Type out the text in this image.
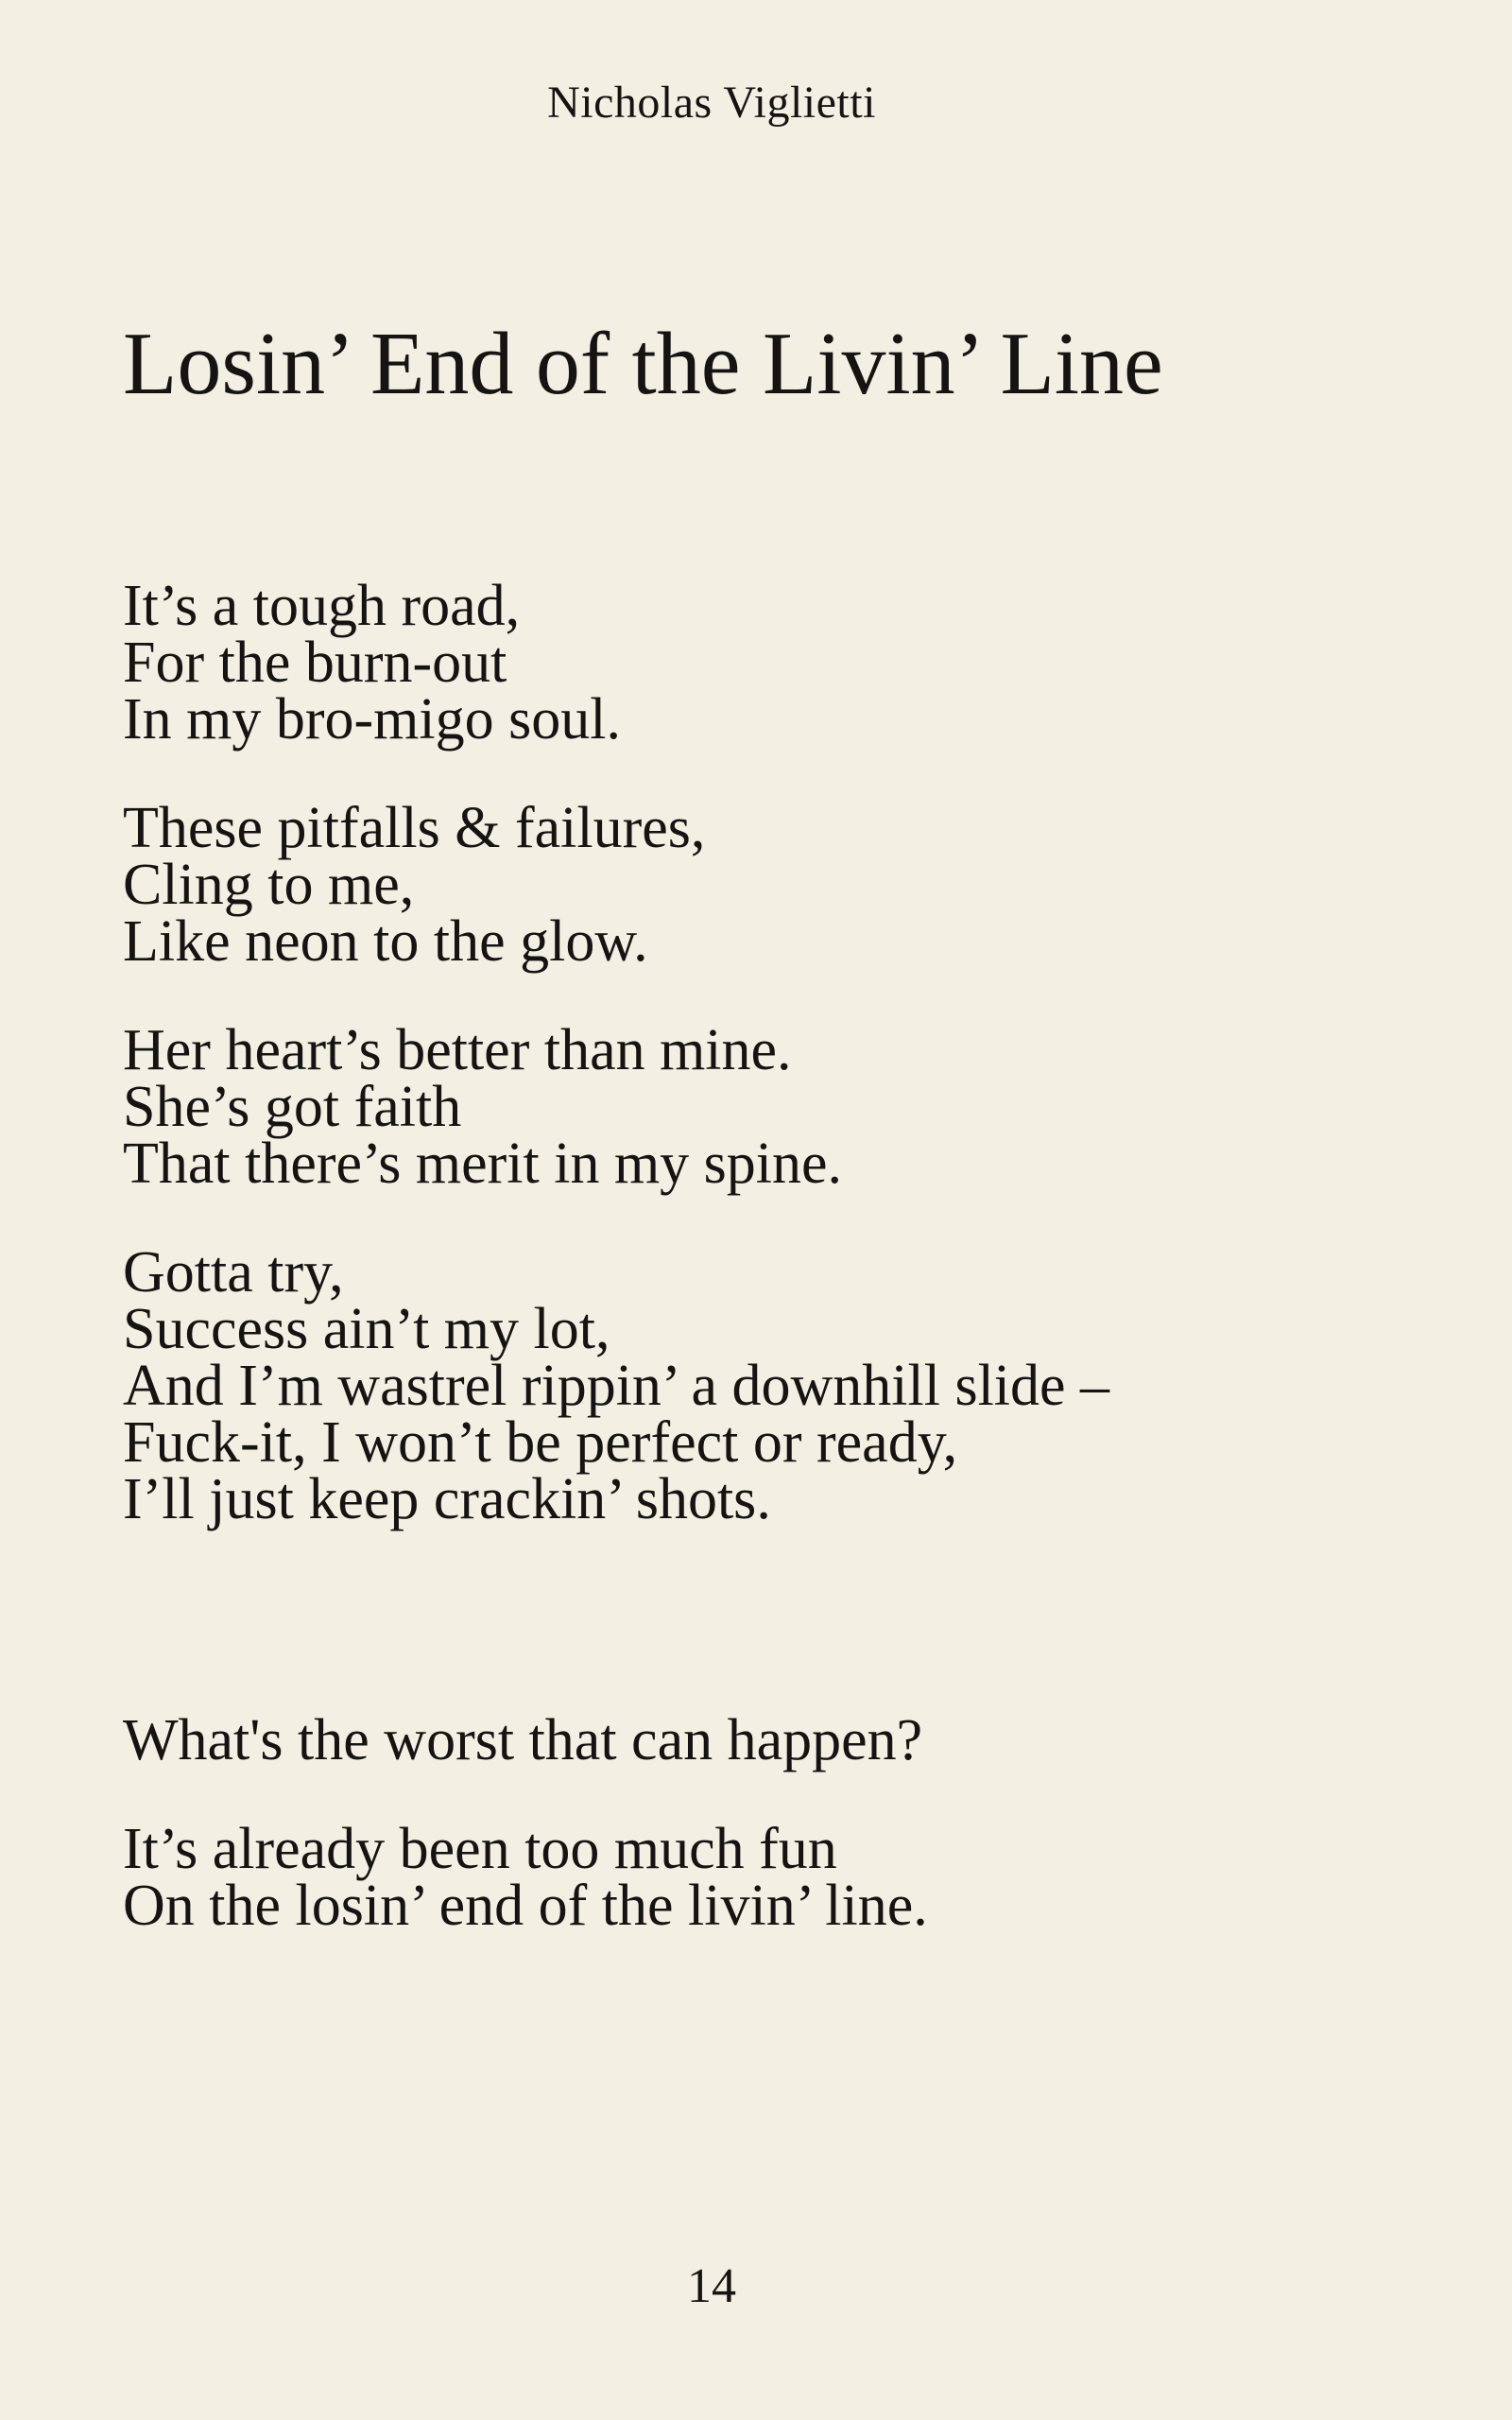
Nicholas Viglietti
Losin’ End of the Livin’ Line
It’s a tough road,
For the burn-out
In my bro-migo soul.
These pitfalls & failures,
Cling to me,
Like neon to the glow.
Her heart’s better than mine.
She’s got faith
That there’s merit in my spine.
Gotta try,
Success ain’t my lot,
And I’m wastrel rippin’ a downhill slide –
Fuck-it, I won’t be perfect or ready,
I’ll just keep crackin’ shots.
What's the worst that can happen?
It’s already been too much fun
On the losin’ end of the livin’ line.
14
